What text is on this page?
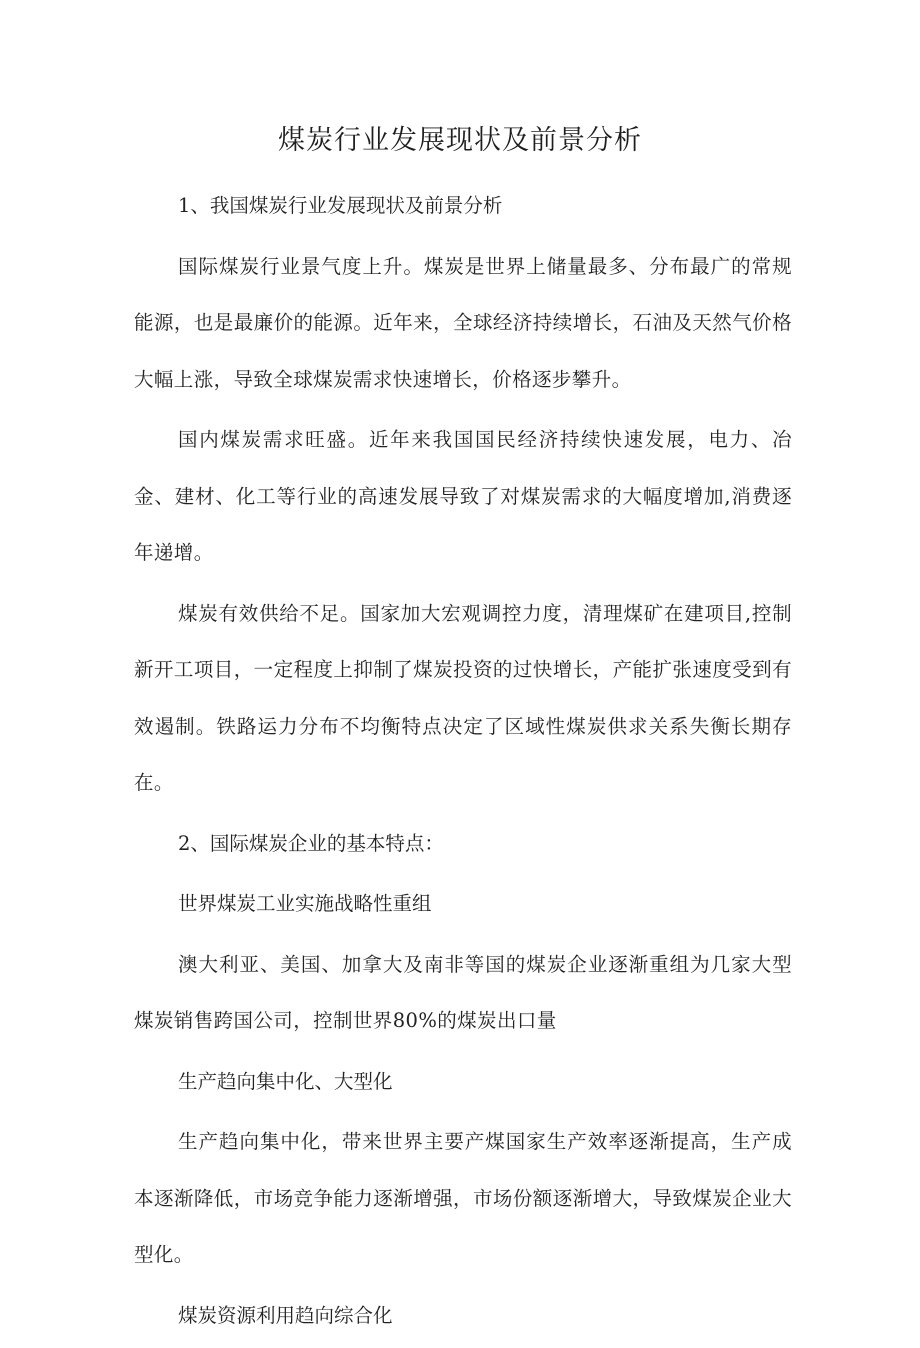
煤炭行业发展现状及前景分析

1、我国煤炭行业发展现状及前景分析

国际煤炭行业景气度上升。煤炭是世界上储量最多、分布最广的常规能源，也是最廉价的能源。近年来，全球经济持续增长，石油及天然气价格大幅上涨，导致全球煤炭需求快速增长，价格逐步攀升。

国内煤炭需求旺盛。近年来我国国民经济持续快速发展，电力、冶金、建材、化工等行业的高速发展导致了对煤炭需求的大幅度增加,消费逐年递增。

煤炭有效供给不足。国家加大宏观调控力度，清理煤矿在建项目,控制新开工项目，一定程度上抑制了煤炭投资的过快增长，产能扩张速度受到有效遏制。铁路运力分布不均衡特点决定了区域性煤炭供求关系失衡长期存在。

2、国际煤炭企业的基本特点：

世界煤炭工业实施战略性重组

澳大利亚、美国、加拿大及南非等国的煤炭企业逐渐重组为几家大型煤炭销售跨国公司，控制世界80%的煤炭出口量

生产趋向集中化、大型化

生产趋向集中化，带来世界主要产煤国家生产效率逐渐提高，生产成本逐渐降低，市场竞争能力逐渐增强，市场份额逐渐增大，导致煤炭企业大型化。

煤炭资源利用趋向综合化
